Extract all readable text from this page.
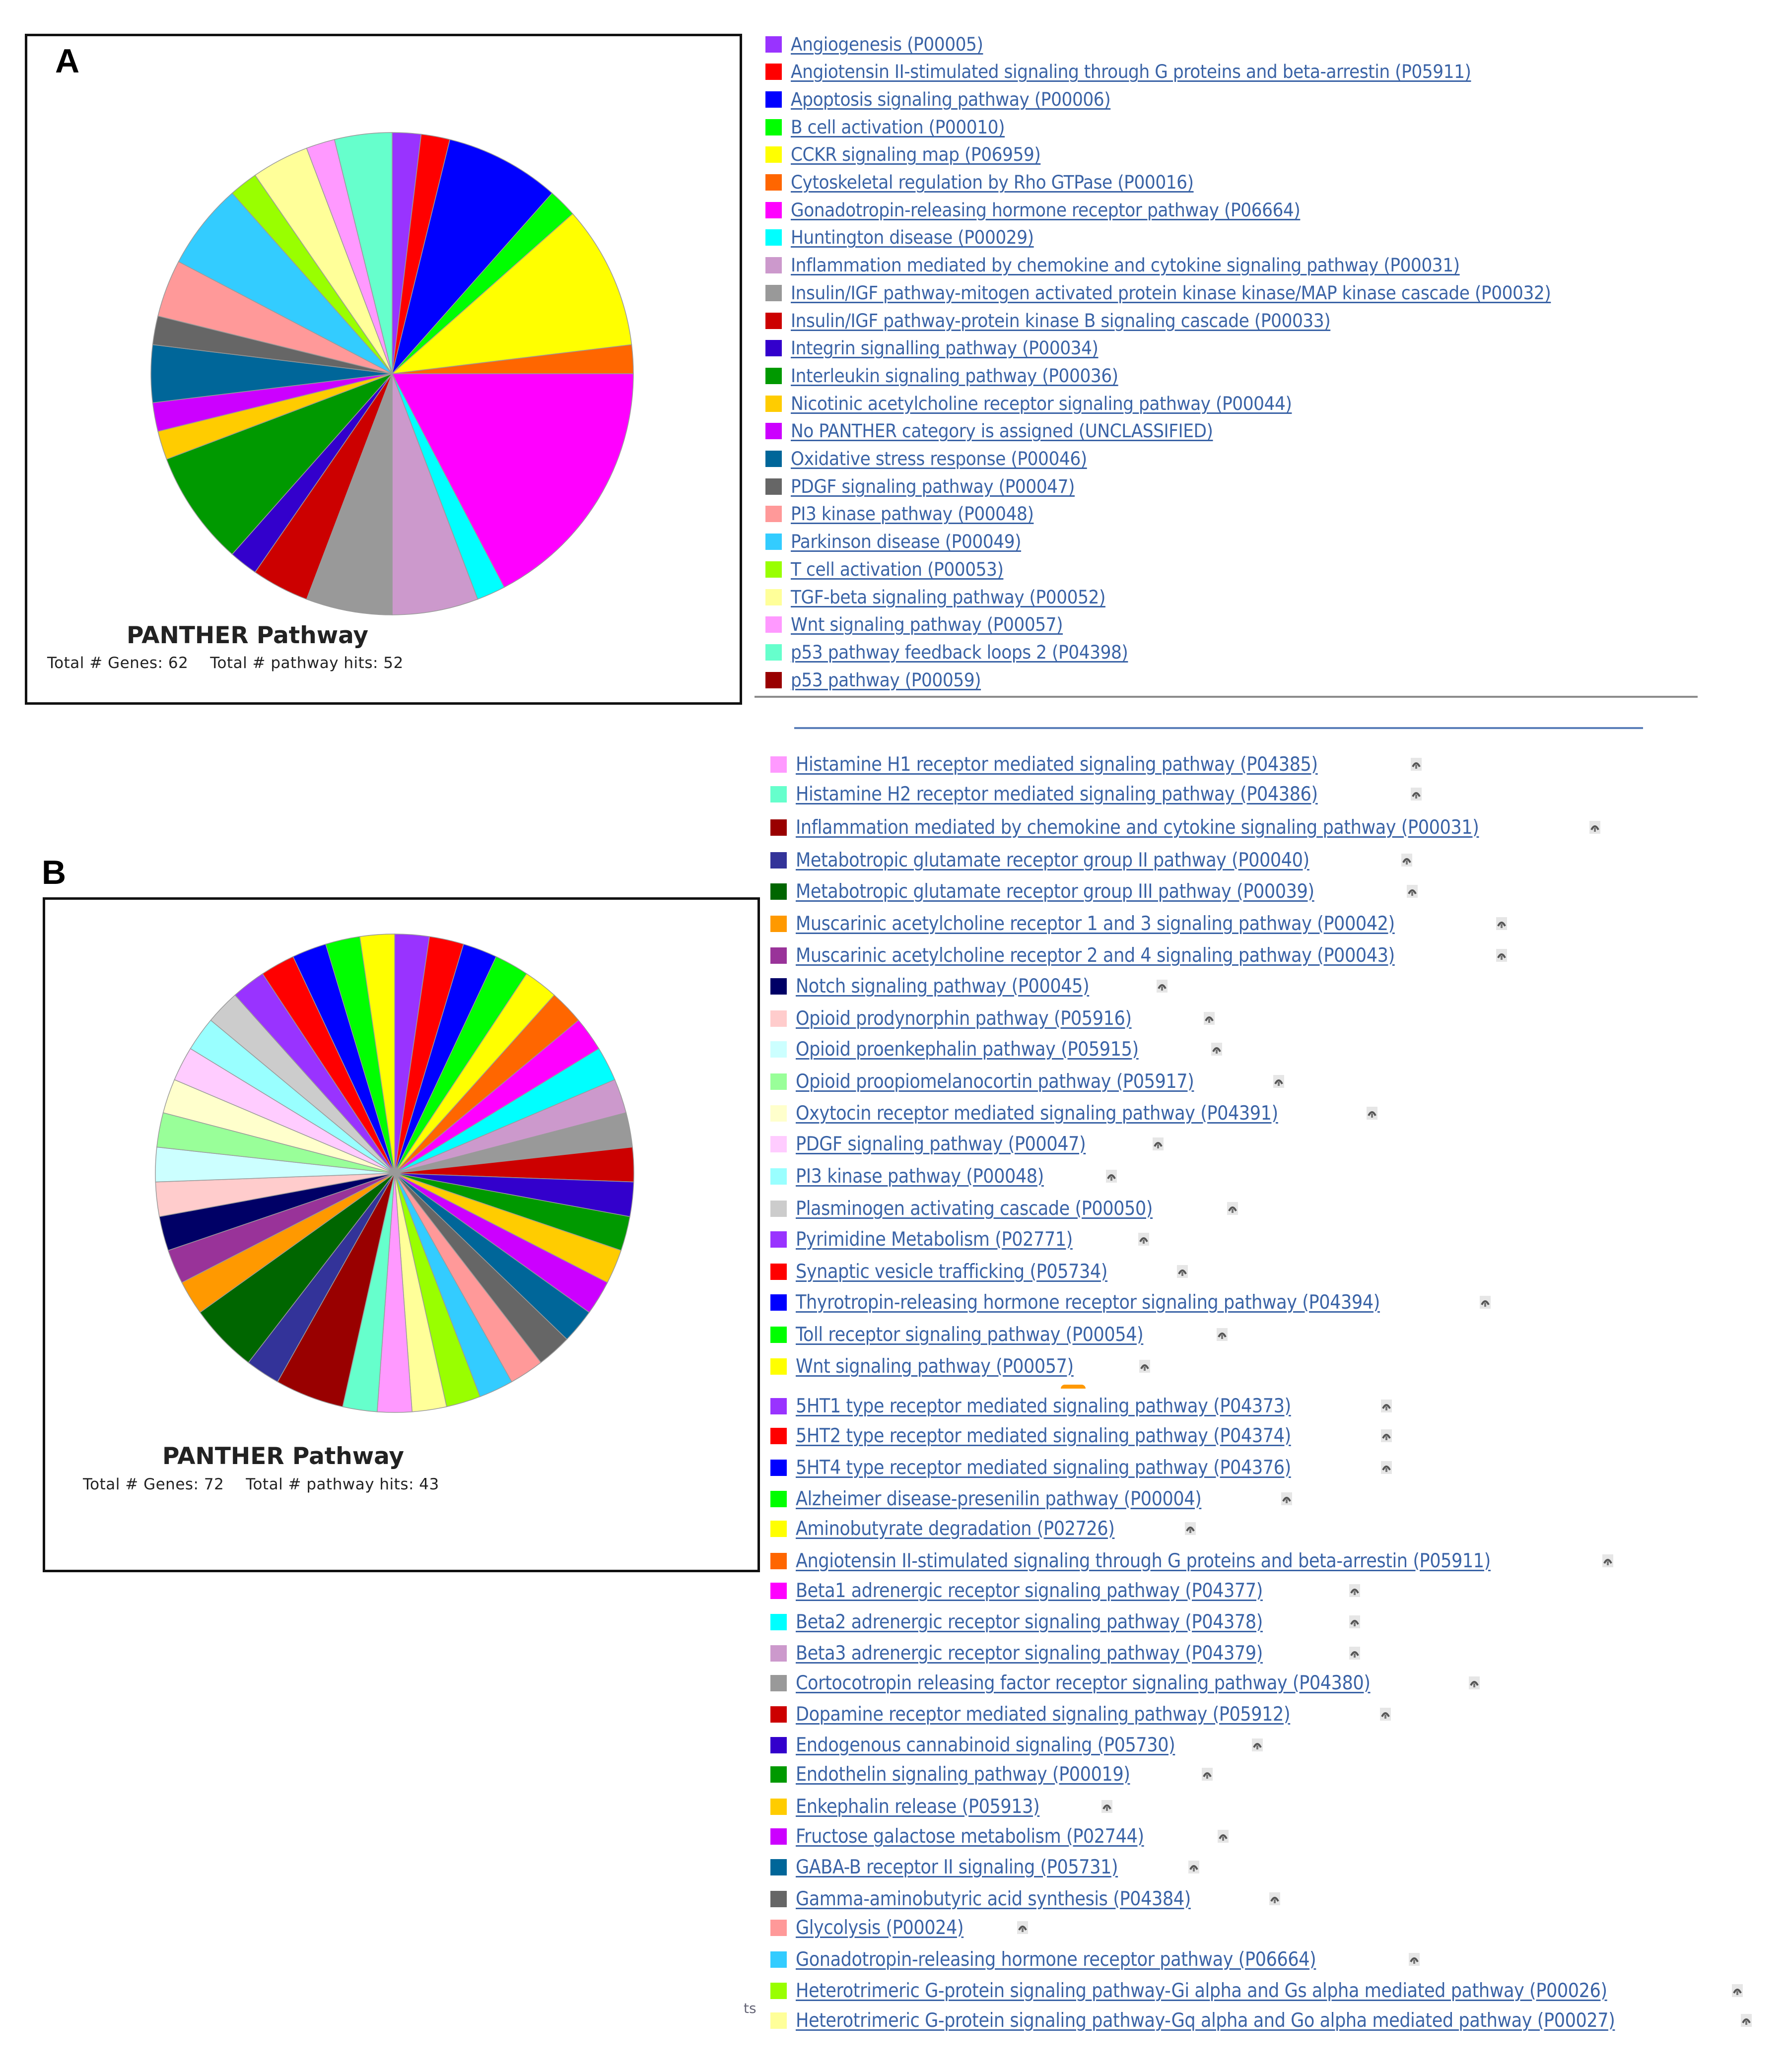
A
PANTHER Pathway
Total # Genes: 62 Total # pathway hits: 52
Angiogenesis (P00005)
Angiotensin II-stimulated signaling through G proteins and beta-arrestin (P05911)
Apoptosis signaling pathway (P00006)
B cell activation (P00010)
CCKR signaling map (P06959)
Cytoskeletal regulation by Rho GTPase (P00016)
Gonadotropin-releasing hormone receptor pathway (P06664)
Huntington disease (P00029)
Inflammation mediated by chemokine and cytokine signaling pathway (P00031)
Insulin/IGF pathway-mitogen activated protein kinase kinase/MAP kinase cascade (P00032)
Insulin/IGF pathway-protein kinase B signaling cascade (P00033)
Integrin signalling pathway (P00034)
Interleukin signaling pathway (P00036)
Nicotinic acetylcholine receptor signaling pathway (P00044)
No PANTHER category is assigned (UNCLASSIFIED)
Oxidative stress response (P00046)
PDGF signaling pathway (P00047)
PI3 kinase pathway (P00048)
Parkinson disease (P00049)
T cell activation (P00053)
TGF-beta signaling pathway (P00052)
Wnt signaling pathway (P00057)
p53 pathway feedback loops 2 (P04398)
p53 pathway (P00059)
B
PANTHER Pathway
Total # Genes: 72 Total # pathway hits: 43
Histamine H1 receptor mediated signaling pathway (P04385)
Histamine H2 receptor mediated signaling pathway (P04386)
Inflammation mediated by chemokine and cytokine signaling pathway (P00031)
Metabotropic glutamate receptor group II pathway (P00040)
Metabotropic glutamate receptor group III pathway (P00039)
Muscarinic acetylcholine receptor 1 and 3 signaling pathway (P00042)
Muscarinic acetylcholine receptor 2 and 4 signaling pathway (P00043)
Notch signaling pathway (P00045)
Opioid prodynorphin pathway (P05916)
Opioid proenkephalin pathway (P05915)
Opioid proopiomelanocortin pathway (P05917)
Oxytocin receptor mediated signaling pathway (P04391)
PDGF signaling pathway (P00047)
PI3 kinase pathway (P00048)
Plasminogen activating cascade (P00050)
Pyrimidine Metabolism (P02771)
Synaptic vesicle trafficking (P05734)
Thyrotropin-releasing hormone receptor signaling pathway (P04394)
Toll receptor signaling pathway (P00054)
Wnt signaling pathway (P00057)
5HT1 type receptor mediated signaling pathway (P04373)
5HT2 type receptor mediated signaling pathway (P04374)
5HT4 type receptor mediated signaling pathway (P04376)
Alzheimer disease-presenilin pathway (P00004)
Aminobutyrate degradation (P02726)
Angiotensin II-stimulated signaling through G proteins and beta-arrestin (P05911)
Beta1 adrenergic receptor signaling pathway (P04377)
Beta2 adrenergic receptor signaling pathway (P04378)
Beta3 adrenergic receptor signaling pathway (P04379)
Cortocotropin releasing factor receptor signaling pathway (P04380)
Dopamine receptor mediated signaling pathway (P05912)
Endogenous cannabinoid signaling (P05730)
Endothelin signaling pathway (P00019)
Enkephalin release (P05913)
Fructose galactose metabolism (P02744)
GABA-B receptor II signaling (P05731)
Gamma-aminobutyric acid synthesis (P04384)
Glycolysis (P00024)
Gonadotropin-releasing hormone receptor pathway (P06664)
Heterotrimeric G-protein signaling pathway-Gi alpha and Gs alpha mediated pathway (P00026)
Heterotrimeric G-protein signaling pathway-Gq alpha and Go alpha mediated pathway (P00027)
ts
